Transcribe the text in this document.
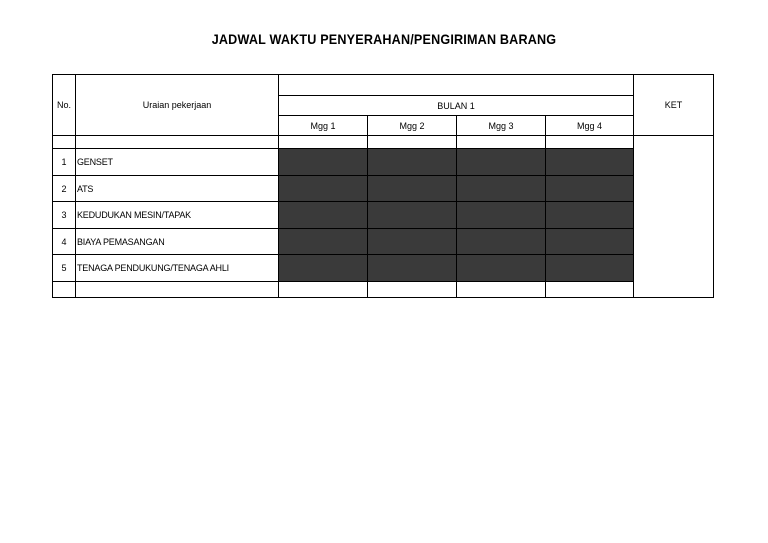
JADWAL WAKTU PENYERAHAN/PENGIRIMAN BARANG
No.	Uraian pekerjaan					KET
		BULAN 1				
		Mgg 1	Mgg 2	Mgg 3	Mgg 4	

1	GENSET					
2	ATS					
3	KEDUDUKAN MESIN/TAPAK					
4	BIAYA PEMASANGAN					
5	TENAGA PENDUKUNG/TENAGA AHLI					
